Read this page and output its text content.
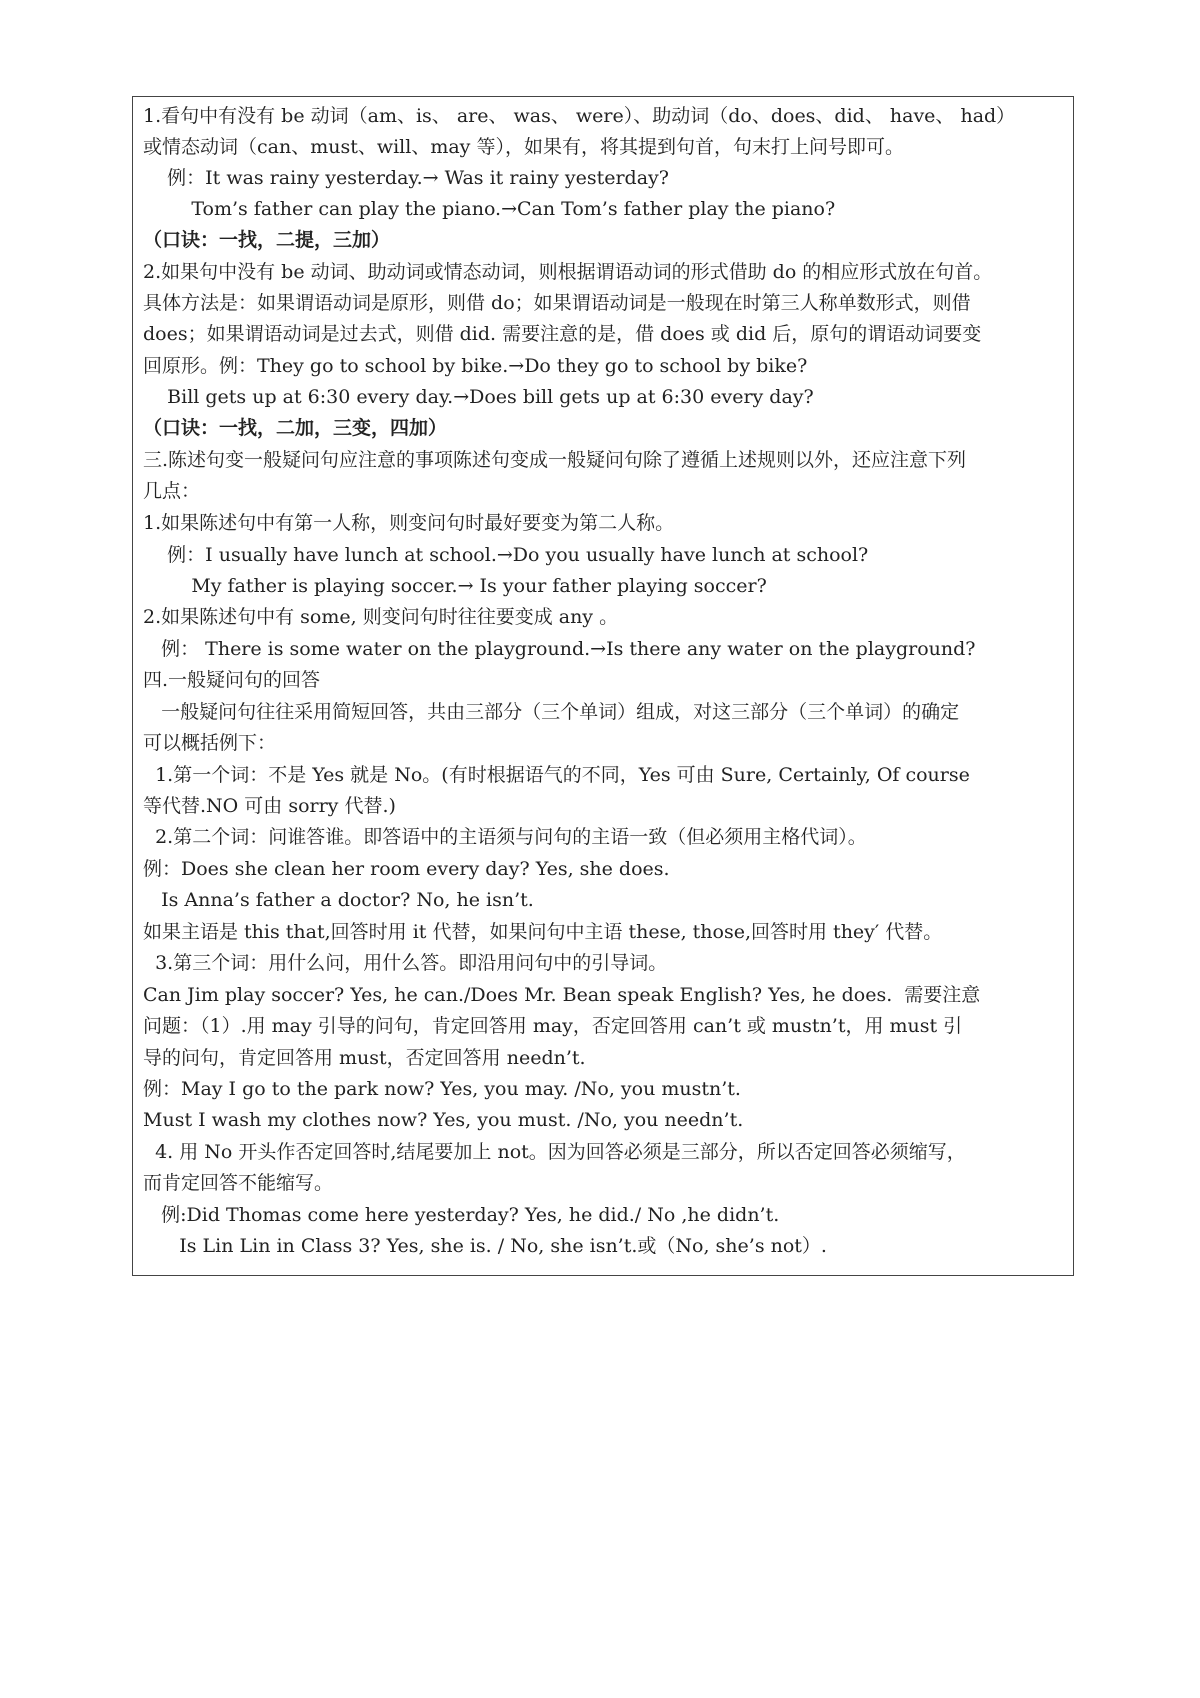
1.看句中有没有 be 动词（am、is、 are、 was、 were）、助动词（do、does、did、 have、 had）
或情态动词（can、must、will、may 等），如果有，将其提到句首，句末打上问号即可。
例：It was rainy yesterday.→ Was it rainy yesterday?
Tom’s father can play the piano.→Can Tom’s father play the piano?
（口诀：一找，二提，三加）
2.如果句中没有 be 动词、助动词或情态动词，则根据谓语动词的形式借助 do 的相应形式放在句首。
具体方法是：如果谓语动词是原形，则借 do；如果谓语动词是一般现在时第三人称单数形式，则借
does；如果谓语动词是过去式，则借 did. 需要注意的是，借 does 或 did 后，原句的谓语动词要变
回原形。例：They go to school by bike.→Do they go to school by bike?
Bill gets up at 6:30 every day.→Does bill gets up at 6:30 every day?
（口诀：一找，二加，三变，四加）
三.陈述句变一般疑问句应注意的事项陈述句变成一般疑问句除了遵循上述规则以外，还应注意下列
几点：
1.如果陈述句中有第一人称，则变问句时最好要变为第二人称。
例：I usually have lunch at school.→Do you usually have lunch at school?
My father is playing soccer.→ Is your father playing soccer?
2.如果陈述句中有 some, 则变问句时往往要变成 any 。
例： There is some water on the playground.→Is there any water on the playground?
四.一般疑问句的回答
一般疑问句往往采用简短回答，共由三部分（三个单词）组成，对这三部分（三个单词）的确定
可以概括例下：
1.第一个词：不是 Yes 就是 No。(有时根据语气的不同，Yes 可由 Sure, Certainly, Of course
等代替.NO 可由 sorry 代替.)
2.第二个词：问谁答谁。即答语中的主语须与问句的主语一致（但必须用主格代词）。
例：Does she clean her room every day? Yes, she does.
Is Anna’s father a doctor? No, he isn’t.
如果主语是 this that,回答时用 it 代替，如果问句中主语 these, those,回答时用 they′ 代替。
3.第三个词：用什么问，用什么答。即沿用问句中的引导词。
Can Jim play soccer? Yes, he can./Does Mr. Bean speak English? Yes, he does.  需要注意
问题：（1）.用 may 引导的问句，肯定回答用 may，否定回答用 can’t 或 mustn’t，用 must 引
导的问句，肯定回答用 must，否定回答用 needn’t.
例：May I go to the park now? Yes, you may. /No, you mustn’t.
Must I wash my clothes now? Yes, you must. /No, you needn’t.
4. 用 No 开头作否定回答时,结尾要加上 not。因为回答必须是三部分，所以否定回答必须缩写，
而肯定回答不能缩写。
例:Did Thomas come here yesterday? Yes, he did./ No ,he didn’t.
Is Lin Lin in Class 3? Yes, she is. / No, she isn’t.或（No, she’s not）.
